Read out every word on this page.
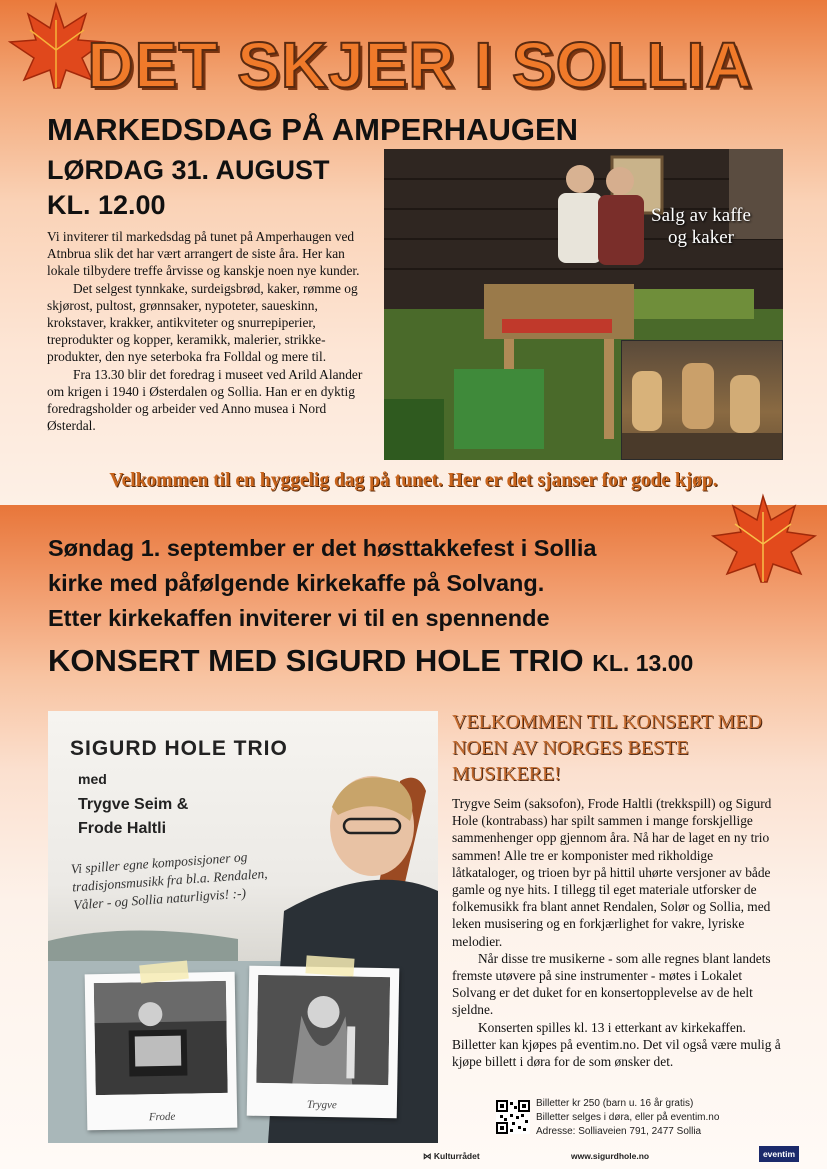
DET SKJER I SOLLIA
MARKEDSDAG PÅ AMPERHAUGEN
LØRDAG 31. AUGUST
KL. 12.00

Vi inviterer til markedsdag på tunet på Amperhaugen ved Atnbrua slik det har vært arrangert de siste åra. Her kan lokale tilbydere treffe årvisse og kanskje noen nye kunder.

Det selgest tynnkake, surdeigsbrød, kaker, rømme og skjørost, pultost, grønnsaker, nypoteter, saueskinn, krokstaver, krakker, antikviteter og snurrepiperier, treprodukter og kopper, keramikk, malerier, strikke-produkter, den nye seterboka fra Folldal og mere til.

Fra 13.30 blir det foredrag i museet ved Arild Alander om krigen i 1940 i Østerdalen og Sollia. Han er en dyktig foredragsholder og arbeider ved Anno musea i Nord Østerdal.

Salg av kaffe og kaker
Velkommen til en hyggelig dag på tunet. Her er det sjanser for gode kjøp.
Søndag 1. september er det høsttakkefest i Sollia
kirke med påfølgende kirkekaffe på Solvang.
Etter kirkekaffen inviterer vi til en spennende
KONSERT MED SIGURD HOLE TRIO KL. 13.00
SIGURD HOLE TRIO
med
Trygve Seim &
Frode Haltli
Vi spiller egne komposisjoner og tradisjonsmusikk fra bl.a. Rendalen, Våler - og Sollia naturligvis! :-)
Frode
Trygve
VELKOMMEN TIL KONSERT MED NOEN AV NORGES BESTE MUSIKERE!

Trygve Seim (saksofon), Frode Haltli (trekkspill) og Sigurd Hole (kontrabass) har spilt sammen i mange forskjellige sammenhenger opp gjennom åra. Nå har de laget en ny trio sammen! Alle tre er komponister med rikholdige låtkataloger, og trioen byr på hittil uhørte versjoner av både gamle og nye hits. I tillegg til eget materiale utforsker de folkemusikk fra blant annet Rendalen, Solør og Sollia, med leken musisering og en forkjærlighet for vakre, lyriske melodier.

Når disse tre musikerne - som alle regnes blant landets fremste utøvere på sine instrumenter - møtes i Lokalet Solvang er det duket for en konsertopplevelse av de helt sjeldne.

Konserten spilles kl. 13 i etterkant av kirkekaffen. Billetter kan kjøpes på eventim.no. Det vil også være mulig å kjøpe billett i døra for de som ønsker det.

Billetter kr 250 (barn u. 16 år gratis)
Billetter selges i døra, eller på eventim.no
Adresse: Solliaveien 791, 2477 Sollia
⋈ Kulturrådet	www.sigurdhole.no	eventim
